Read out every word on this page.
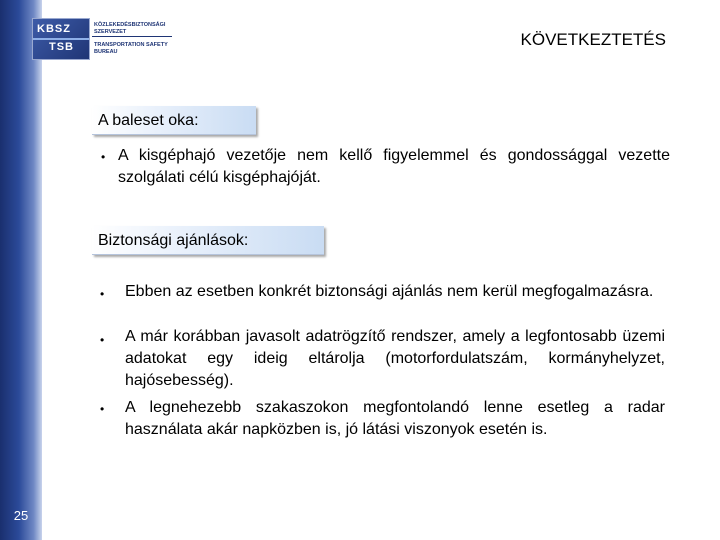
25
KBSZ
TSB
KÖZLEKEDÉSBIZTONSÁGI
SZERVEZET
TRANSPORTATION SAFETY
BUREAU
KÖVETKEZTETÉS
A baleset oka:
• A kisgéphajó vezetője nem kellő figyelemmel és gondossággal vezette szolgálati célú kisgéphajóját.
Biztonsági ajánlások:
• Ebben az esetben konkrét biztonsági ajánlás nem kerül megfogalmazásra.
• A már korábban javasolt adatrögzítő rendszer, amely a legfontosabb üzemi adatokat egy ideig eltárolja (motorfordulatszám, kormányhelyzet, hajósebesség).
• A legnehezebb szakaszokon megfontolandó lenne esetleg a radar használata akár napközben is, jó látási viszonyok esetén is.
